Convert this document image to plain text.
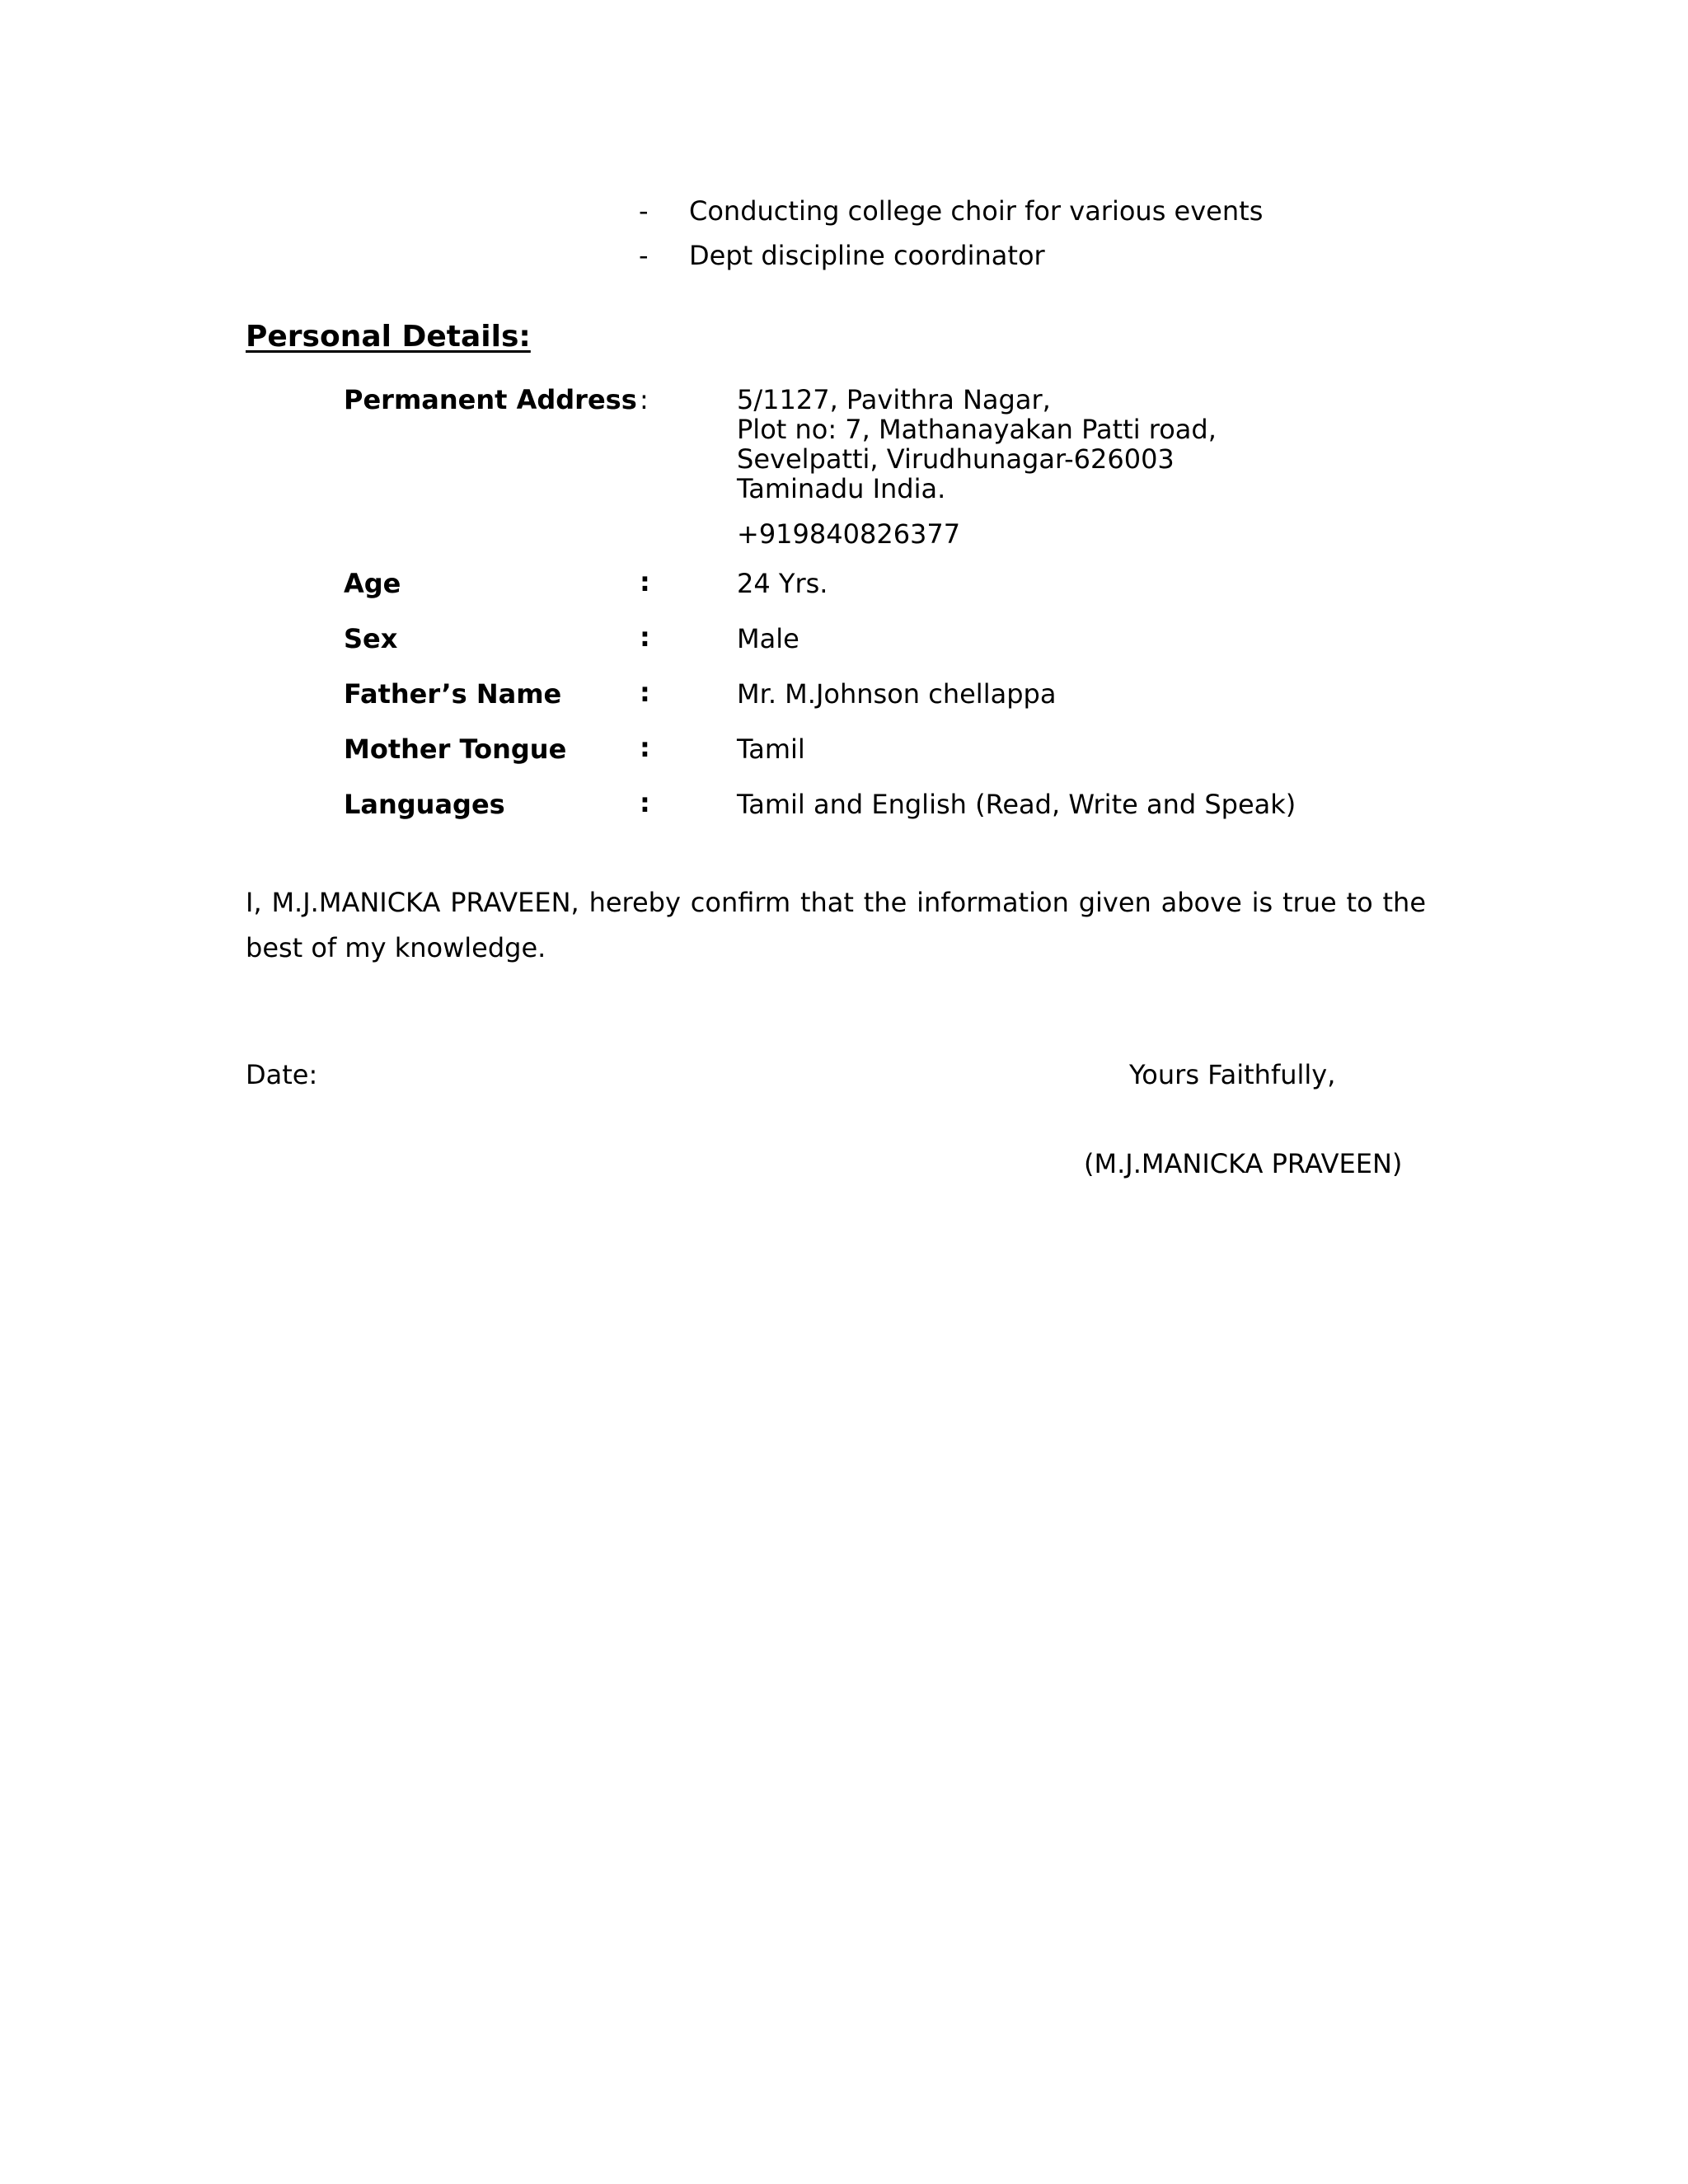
- Conducting college choir for various events
- Dept discipline coordinator
Personal Details:
Permanent Address :	5/1127, Pavithra Nagar,
Plot no: 7, Mathanayakan Patti road,
Sevelpatti, Virudhunagar-626003
Taminadu India.
+919840826377
Age	:	24 Yrs.
Sex	:	Male
Father’s Name	:	Mr. M.Johnson chellappa
Mother Tongue	:	Tamil
Languages	:	Tamil and English (Read, Write and Speak)
I, M.J.MANICKA PRAVEEN, hereby confirm that the information given above is true to the best of my knowledge.
Date:	Yours Faithfully,
(M.J.MANICKA PRAVEEN)
